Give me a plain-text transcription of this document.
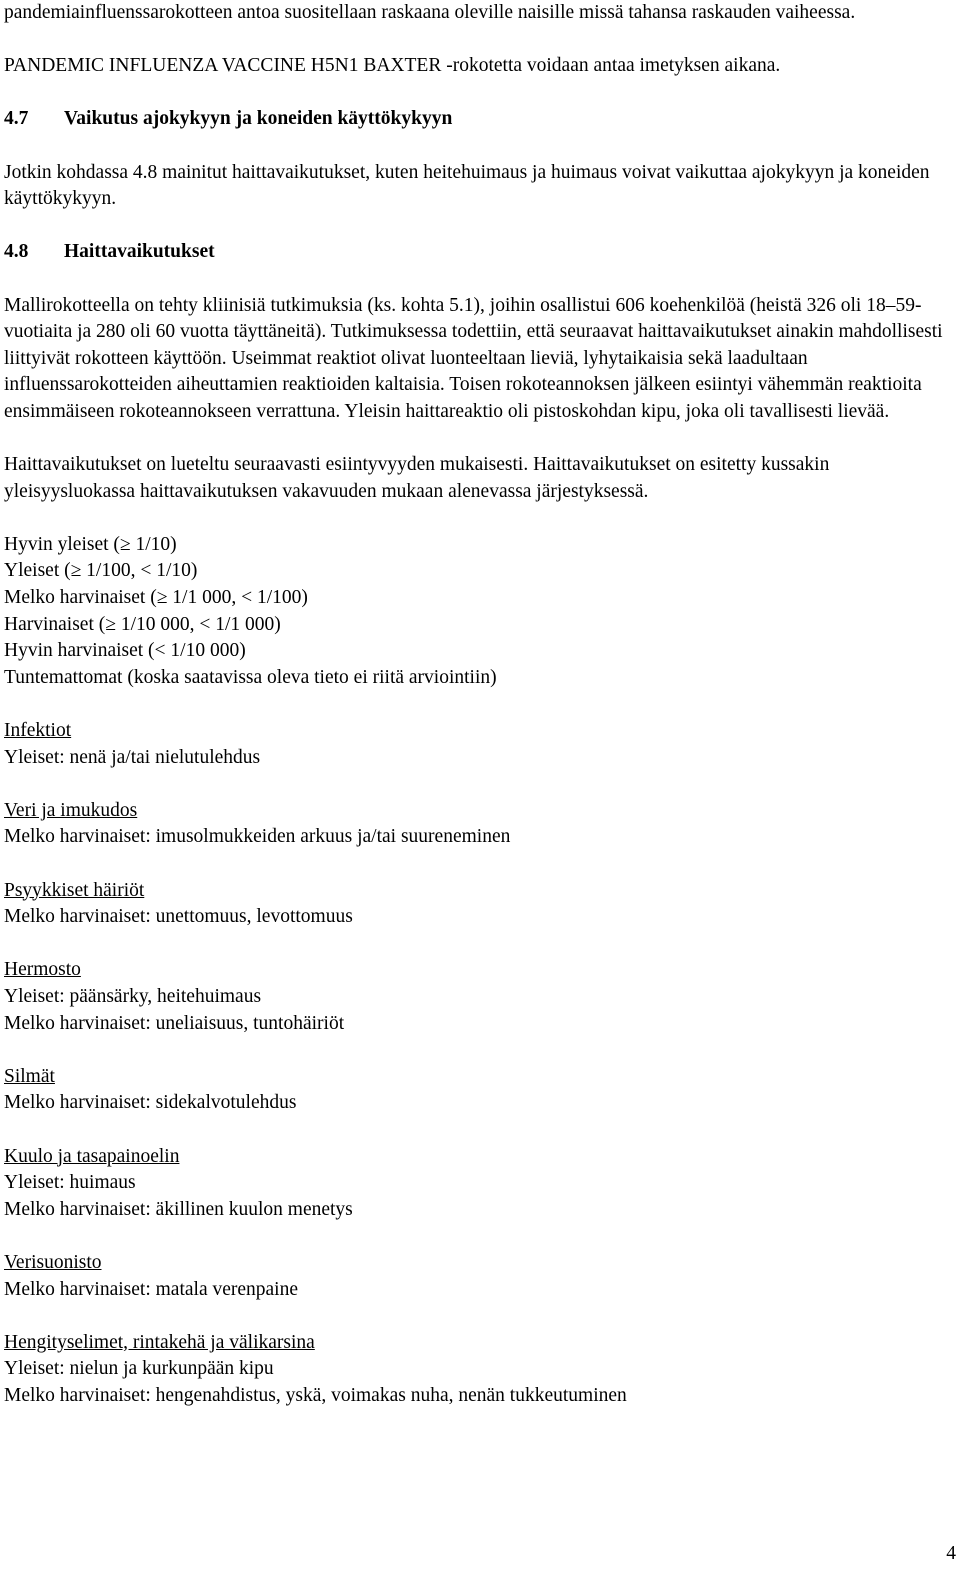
pandemiainfluenssarokotteen antoa suositellaan raskaana oleville naisille missä tahansa raskauden vaiheessa.

PANDEMIC INFLUENZA VACCINE H5N1 BAXTER -rokotetta voidaan antaa imetyksen aikana.

4.7	Vaikutus ajokykyyn ja koneiden käyttökykyyn

Jotkin kohdassa 4.8 mainitut haittavaikutukset, kuten heitehuimaus ja huimaus voivat vaikuttaa ajokykyyn ja koneiden käyttökykyyn.

4.8	Haittavaikutukset

Mallirokotteella on tehty kliinisiä tutkimuksia (ks. kohta 5.1), joihin osallistui 606 koehenkilöä (heistä 326 oli 18–59-vuotiaita ja 280 oli 60 vuotta täyttäneitä). Tutkimuksessa todettiin, että seuraavat haittavaikutukset ainakin mahdollisesti liittyivät rokotteen käyttöön. Useimmat reaktiot olivat luonteeltaan lieviä, lyhytaikaisia sekä laadultaan influenssarokotteiden aiheuttamien reaktioiden kaltaisia. Toisen rokoteannoksen jälkeen esiintyi vähemmän reaktioita ensimmäiseen rokoteannokseen verrattuna. Yleisin haittareaktio oli pistoskohdan kipu, joka oli tavallisesti lievää.

Haittavaikutukset on lueteltu seuraavasti esiintyvyyden mukaisesti. Haittavaikutukset on esitetty kussakin yleisyysluokassa haittavaikutuksen vakavuuden mukaan alenevassa järjestyksessä.

Hyvin yleiset (≥ 1/10)

Yleiset (≥ 1/100, < 1/10)

Melko harvinaiset (≥ 1/1 000, < 1/100)

Harvinaiset (≥ 1/10 000, < 1/1 000)

Hyvin harvinaiset (< 1/10 000)

Tuntemattomat (koska saatavissa oleva tieto ei riitä arviointiin)

Infektiot

Yleiset: nenä ja/tai nielutulehdus

Veri ja imukudos

Melko harvinaiset: imusolmukkeiden arkuus ja/tai suureneminen

Psyykkiset häiriöt

Melko harvinaiset: unettomuus, levottomuus

Hermosto

Yleiset: päänsärky, heitehuimaus

Melko harvinaiset: uneliaisuus, tuntohäiriöt

Silmät

Melko harvinaiset: sidekalvotulehdus

Kuulo ja tasapainoelin

Yleiset: huimaus

Melko harvinaiset: äkillinen kuulon menetys

Verisuonisto

Melko harvinaiset: matala verenpaine

Hengityselimet, rintakehä ja välikarsina

Yleiset: nielun ja kurkunpään kipu

Melko harvinaiset: hengenahdistus, yskä, voimakas nuha, nenän tukkeutuminen

4
